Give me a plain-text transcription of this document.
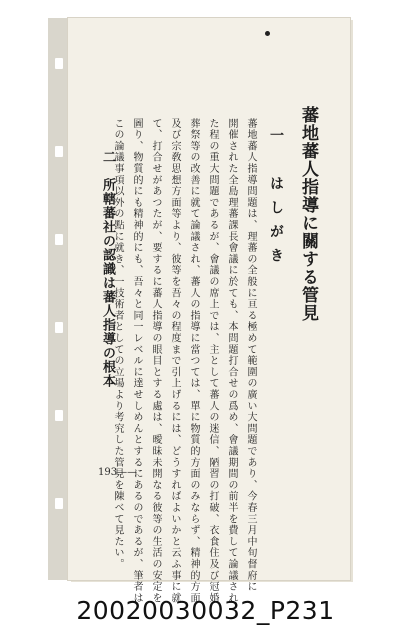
蕃地蕃人指導に關する管見
一　はしがき
蕃地蕃人指導問題は、理蕃の全般に亘る極めて範圍の廣い大問題であり、今春三月中旬督府に
開催された全島理蕃課長會議に於ても、本問題打合せの爲め、會議期間の前半を費して論議され
た程の重大問題であるが、會議の席上では、主として蕃人の迷信、陋習の打破、衣食住及び冠婚
葬祭等の改善に就て論議され、蕃人の指導に當つては、單に物質的方面のみならず、精神的方面
及び宗敎思想方面等より、彼等を吾々の程度まで引上げるには、どうすればよいかと云ふ事に就
て、打合せがあつたが、要するに蕃人指導の眼目とする處は、曖昧未開なる彼等の生活の安定を
圖り、物質的にも精神的にも、吾々と同一レベルに達せしめんとするにあるのであるが、筆者は
この論議事項以外の點に就き、一技術者としての立場より考究した管見を陳べて見たい。
二　所轄蕃社の認識は蕃人指導の根本
193——
20020030032_P231
